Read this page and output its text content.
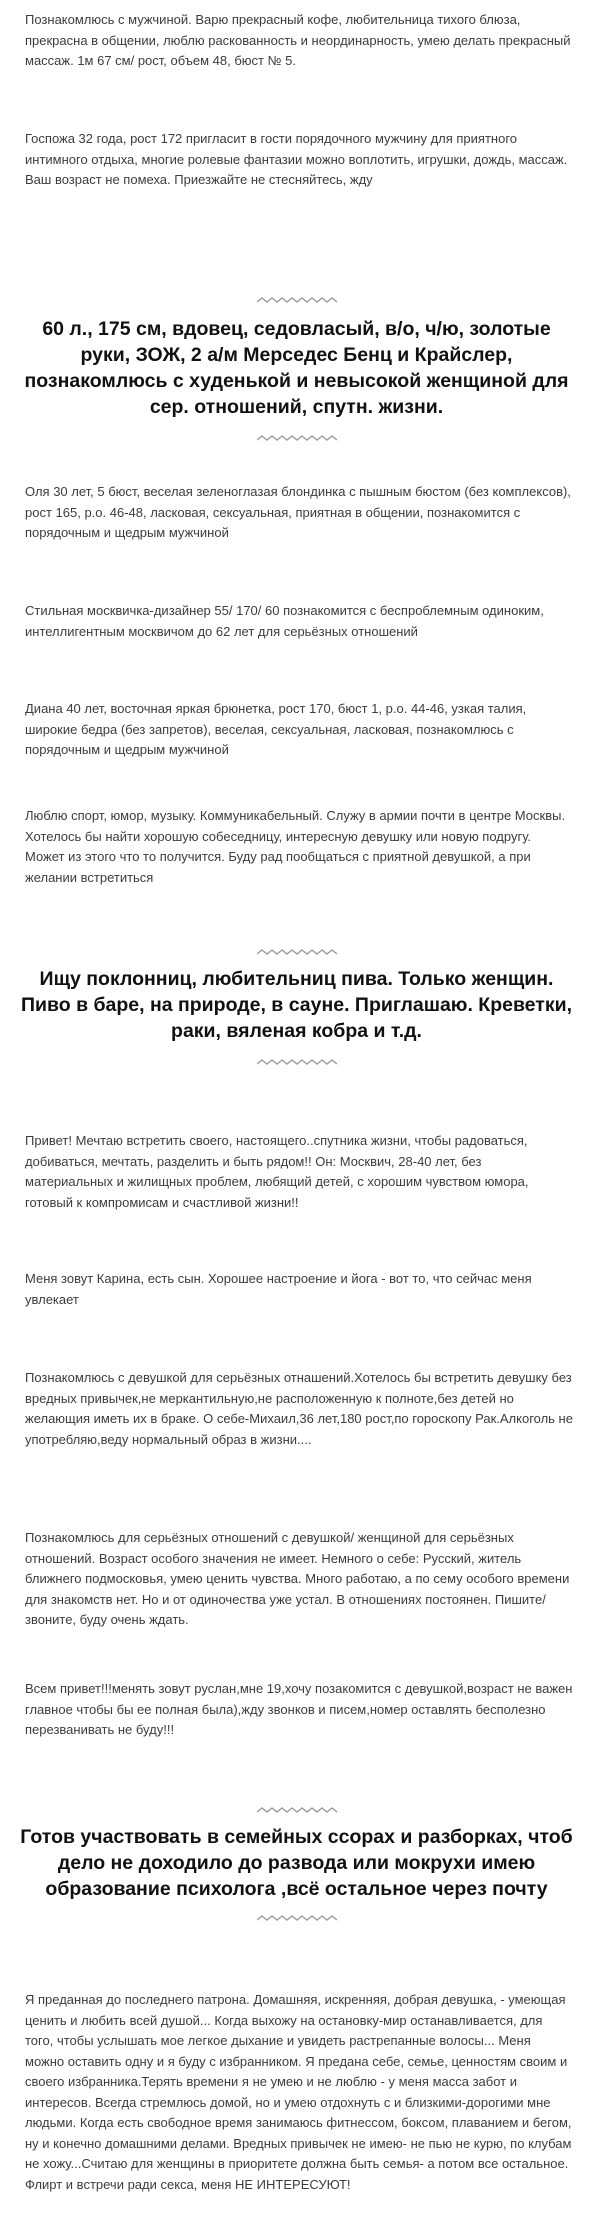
Познакомлюсь с мужчиной. Варю прекрасный кофе, любительница тихого блюза, прекрасна в общении, люблю раскованность и неординарность, умею делать прекрасный массаж. 1м 67 см/ рост, объем 48, бюст № 5.

Госпожа 32 года, рост 172 пригласит в гости порядочного мужчину для приятного интимного отдыха, многие ролевые фантазии можно воплотить, игрушки, дождь, массаж. Ваш возраст не помеха. Приезжайте не стесняйтесь, жду

60 л., 175 см, вдовец, седовласый, в/о, ч/ю, золотые руки, ЗОЖ, 2 а/м Мерседес Бенц и Крайслер, познакомлюсь с худенькой и невысокой женщиной для сер. отношений, спутн. жизни.

Оля 30 лет, 5 бюст, веселая зеленоглазая блондинка с пышным бюстом (без комплексов), рост 165, р.о. 46-48, ласковая, сексуальная, приятная в общении, познакомится с порядочным и щедрым мужчиной

Стильная москвичка-дизайнер 55/ 170/ 60 познакомится с беспроблемным одиноким, интеллигентным москвичом до 62 лет для серьёзных отношений

Диана 40 лет, восточная яркая брюнетка, рост 170, бюст 1, р.о. 44-46, узкая талия, широкие бедра (без запретов), веселая, сексуальная, ласковая, познакомлюсь с порядочным и щедрым мужчиной

Люблю спорт, юмор, музыку. Коммуникабельный. Служу в армии почти в центре Москвы. Хотелось бы найти хорошую собеседницу, интересную девушку или новую подругу. Может из этого что то получится. Буду рад пообщаться с приятной девушкой, а при желании встретиться

Ищу поклонниц, любительниц пива. Только женщин. Пиво в баре, на природе, в сауне. Приглашаю. Креветки, раки, вяленая кобра и т.д.

Привет! Мечтаю встретить своего, настоящего..спутника жизни, чтобы радоваться, добиваться, мечтать, разделить и быть рядом!! Он: Москвич, 28-40 лет, без материальных и жилищных проблем, любящий детей, с хорошим чувством юмора, готовый к компромисам и счастливой жизни!!

Меня зовут Карина, есть сын. Хорошее настроение и йога - вот то, что сейчас меня увлекает

Познакомлюсь с девушкой для серьёзных отнашений.Хотелось бы встретить девушку без вредных привычек,не меркантильную,не расположенную к полноте,без детей но желающия иметь их в браке. О себе-Михаил,36 лет,180 рост,по гороскопу Рак.Алкоголь не употребляю,веду нормальный образ в жизни....

Познакомлюсь для серьёзных отношений с девушкой/ женщиной для серьёзных отношений. Возраст особого значения не имеет. Немного о себе: Русский, житель ближнего подмосковья, умею ценить чувства. Много работаю, а по сему особого времени для знакомств нет. Но и от одиночества уже устал. В отношениях постоянен. Пишите/ звоните, буду очень ждать.

Всем привет!!!менять зовут руслан,мне 19,хочу позакомится с девушкой,возраст не важен главное чтобы бы ее полная была),жду звонков и писем,номер оставлять бесполезно перезванивать не буду!!!

Готов участвовать в семейных ссорах и разборках, чтоб дело не доходило до развода или мокрухи имею образование психолога ,всё остальное через почту

Я преданная до последнего патрона. Домашняя, искренняя, добрая девушка, - умеющая ценить и любить всей душой... Когда выхожу на остановку-мир останавливается, для того, чтобы услышать мое легкое дыхание и увидеть растрепанные волосы... Меня можно оставить одну и я буду с избранником. Я предана себе, семье, ценностям своим и своего избранника.Терять времени я не умею и не люблю - у меня масса забот и интересов. Всегда стремлюсь домой, но и умею отдохнуть с и близкими-дорогими мне людьми. Когда есть свободное время занимаюсь фитнессом, боксом, плаванием и бегом, ну и конечно домашними делами. Вредных привычек не имею- не пью не курю, по клубам не хожу...Считаю для женщины в приоритете должна быть семья- а потом все остальное. Флирт и встречи ради секса, меня НЕ ИНТЕРЕСУЮТ!
